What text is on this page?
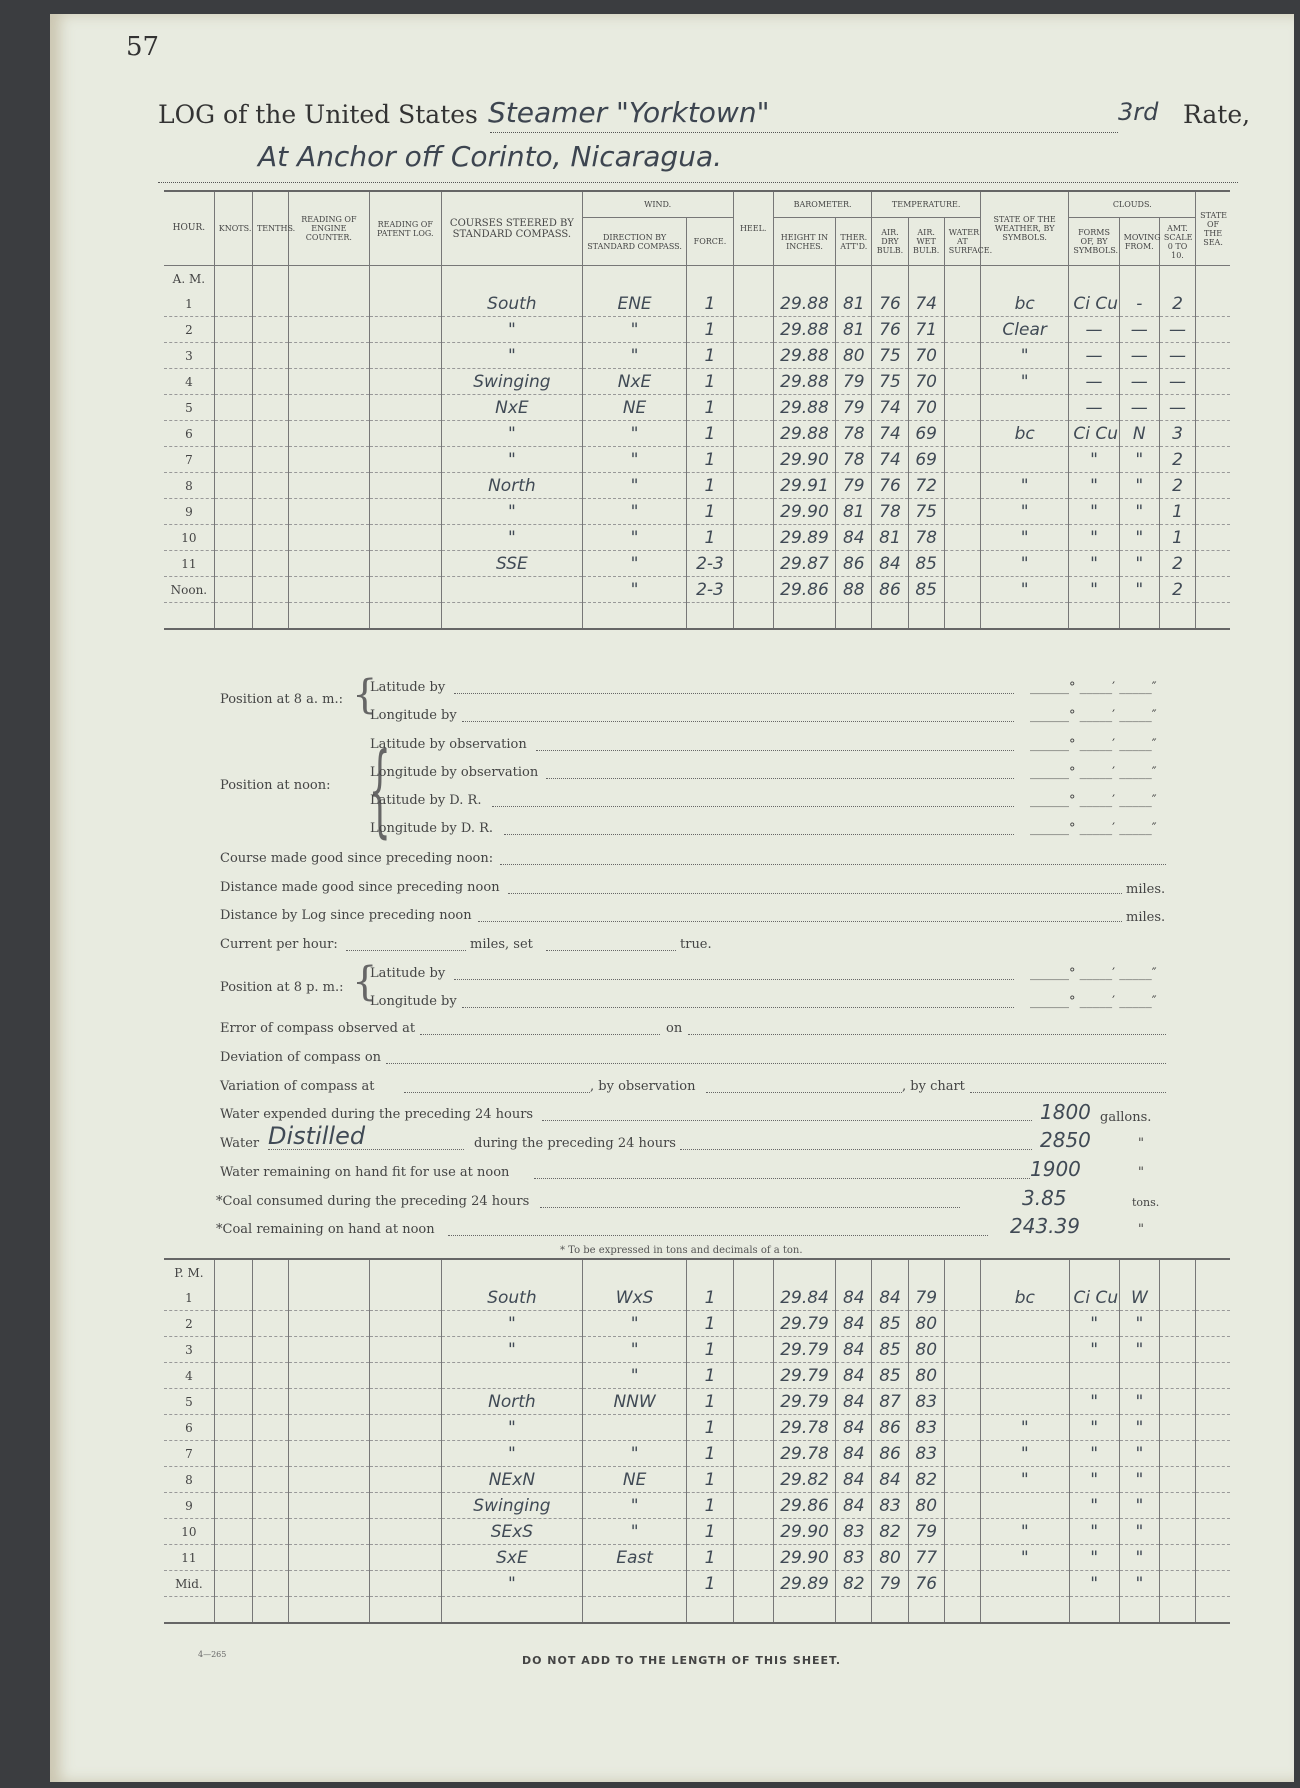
57
LOG of the United States Steamer "Yorktown"	3rd Rate,
At Anchor off Corinto, Nicaragua.
HOUR.	KNOTS.	TENTHS.	READING OF ENGINE COUNTER.	READING OF PATENT LOG.	COURSES STEERED BY STANDARD COMPASS.	WIND.		HEEL.	BAROMETER.		TEMPERATURE.			STATE OF THE WEATHER, BY SYMBOLS.	CLOUDS.			STATE OF THE SEA.
						DIRECTION BY STANDARD COMPASS.	FORCE.		HEIGHT IN INCHES.	THER. ATT'D.	AIR. DRY BULB.	AIR. WET BULB.	WATER AT SURFACE.		FORMS OF, BY SYMBOLS.	MOVING FROM.	AMT. SCALE 0 TO 10.	
A. M.																		
1					South	ENE	1		29.88	81	76	74		bc	Ci Cu	-	2	
2					"	"	1		29.88	81	76	71		Clear	—	—	—	
3					"	"	1		29.88	80	75	70		"	—	—	—	
4					Swinging	NxE	1		29.88	79	75	70		"	—	—	—	
5					NxE	NE	1		29.88	79	74	70			—	—	—	
6					"	"	1		29.88	78	74	69		bc	Ci Cu	N	3	
7					"	"	1		29.90	78	74	69			"	"	2	
8					North	"	1		29.91	79	76	72		"	"	"	2	
9					"	"	1		29.90	81	78	75		"	"	"	1	
10					"	"	1		29.89	84	81	78		"	"	"	1	
11					SSE	"	2-3		29.87	86	84	85		"	"	"	2	
Noon.						"	2-3		29.86	88	86	85		"	"	"	2	

Position at 8 a. m.: {
Latitude by	______° _____′ _____″
Longitude by	______° _____′ _____″
Position at noon: {
Latitude by observation	______° _____′ _____″
Longitude by observation	______° _____′ _____″
Latitude by D. R.	______° _____′ _____″
Longitude by D. R.	______° _____′ _____″
Course made good since preceding noon:
Distance made good since preceding noon	miles.
Distance by Log since preceding noon	miles.
Current per hour:	miles, set	true.
Position at 8 p. m.: {
Latitude by	______° _____′ _____″
Longitude by	______° _____′ _____″
Error of compass observed at	on
Deviation of compass on
Variation of compass at	, by observation	, by chart
Water expended during the preceding 24 hours	1800 gallons.
Water Distilled	during the preceding 24 hours	2850	"
Water remaining on hand fit for use at noon	1900	"
*Coal consumed during the preceding 24 hours	3.85	tons.
*Coal remaining on hand at noon	243.39	"
* To be expressed in tons and decimals of a ton.
P. M.																		
1					South	WxS	1		29.84	84	84	79		bc	Ci Cu	W		
2					"	"	1		29.79	84	85	80			"	"		
3					"	"	1		29.79	84	85	80			"	"		
4						"	1		29.79	84	85	80						
5					North	NNW	1		29.79	84	87	83			"	"		
6					"		1		29.78	84	86	83		"	"	"		
7					"	"	1		29.78	84	86	83		"	"	"		
8					NExN	NE	1		29.82	84	84	82		"	"	"		
9					Swinging	"	1		29.86	84	83	80			"	"		
10					SExS	"	1		29.90	83	82	79		"	"	"		
11					SxE	East	1		29.90	83	80	77		"	"	"		
Mid.					"		1		29.89	82	79	76			"	"		

4—265	DO NOT ADD TO THE LENGTH OF THIS SHEET.
